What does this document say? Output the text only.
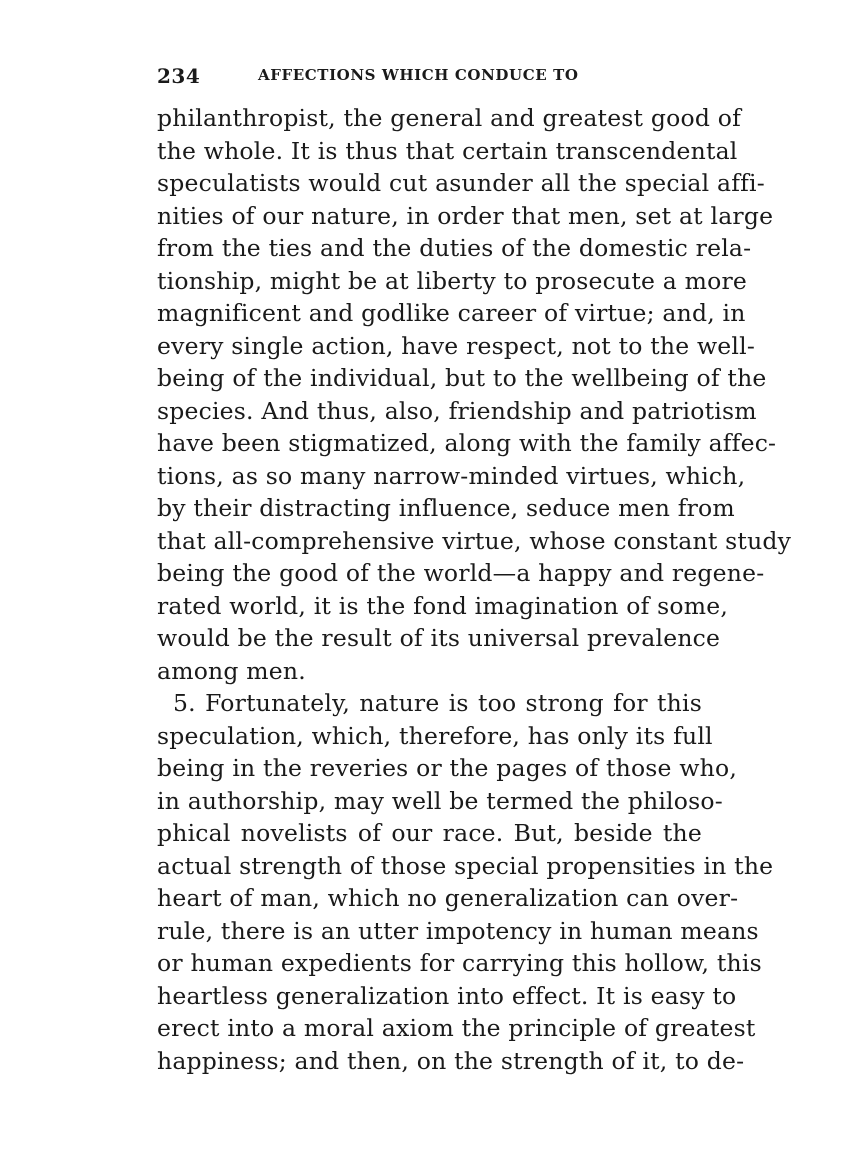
234	AFFECTIONS WHICH CONDUCE TO
philanthropist, the general and greatest good of
the whole. It is thus that certain transcendental
speculatists would cut asunder all the special affi-
nities of our nature, in order that men, set at large
from the ties and the duties of the domestic rela-
tionship, might be at liberty to prosecute a more
magnificent and godlike career of virtue; and, in
every single action, have respect, not to the well-
being of the individual, but to the wellbeing of the
species. And thus, also, friendship and patriotism
have been stigmatized, along with the family affec-
tions, as so many narrow-minded virtues, which,
by their distracting influence, seduce men from
that all-comprehensive virtue, whose constant study
being the good of the world—a happy and regene-
rated world, it is the fond imagination of some,
would be the result of its universal prevalence
among men.
5. Fortunately, nature is too strong for this
speculation, which, therefore, has only its full
being in the reveries or the pages of those who,
in authorship, may well be termed the philoso-
phical novelists of our race. But, beside the
actual strength of those special propensities in the
heart of man, which no generalization can over-
rule, there is an utter impotency in human means
or human expedients for carrying this hollow, this
heartless generalization into effect. It is easy to
erect into a moral axiom the principle of greatest
happiness; and then, on the strength of it, to de-
